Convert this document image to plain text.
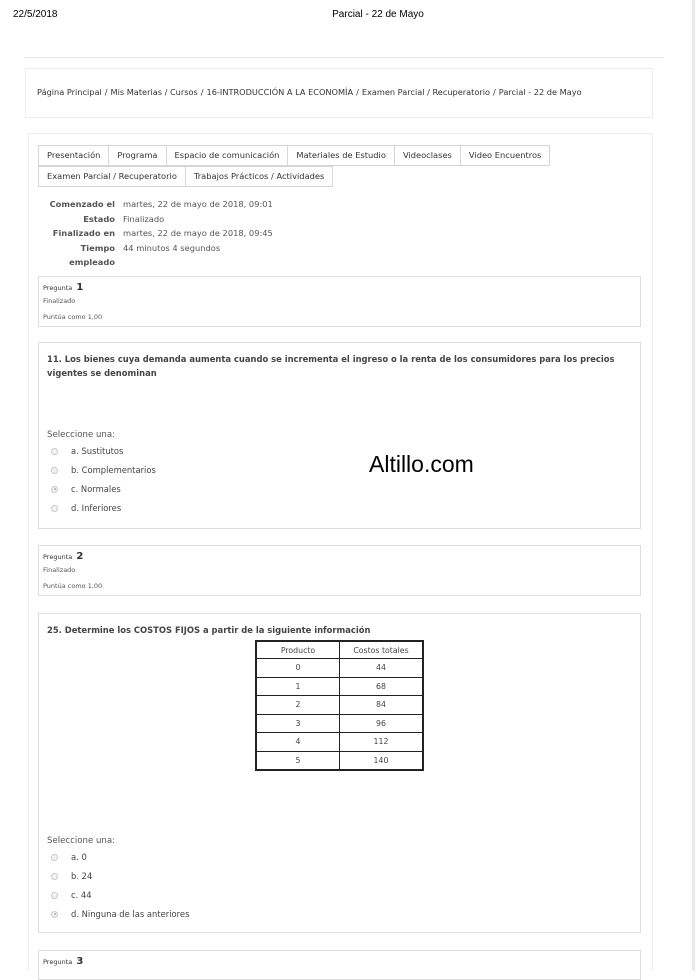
22/5/2018	Parcial - 22 de Mayo
Página Principal / Mis Materias / Cursos / 16-INTRODUCCIÓN A LA ECONOMÍA / Examen Parcial / Recuperatorio / Parcial - 22 de Mayo
Presentación	Programa	Espacio de comunicación	Materiales de Estudio	Videoclases	Video Encuentros
Examen Parcial / Recuperatorio	Trabajos Prácticos / Actividades
Comenzado el martes, 22 de mayo de 2018, 09:01
Estado Finalizado
Finalizado en martes, 22 de mayo de 2018, 09:45
Tiempo
empleado
44 minutos 4 segundos
Pregunta 1
Finalizado
Puntúa como 1,00
11. Los bienes cuya demanda aumenta cuando se incrementa el ingreso o la renta de los consumidores para los precios vigentes se denominan
Seleccione una:
a. Sustitutos
b. Complementarios
c. Normales
d. Inferiores
Pregunta 2
Finalizado
Puntúa como 1,00
25. Determine los COSTOS FIJOS a partir de la siguiente información
Seleccione una:
a. 0
b. 24
c. 44
d. Ninguna de las anteriores
Producto	Costos totales
0	44
1	68
2	84
3	96
4	112
5	140
Pregunta 3
Altillo.com
